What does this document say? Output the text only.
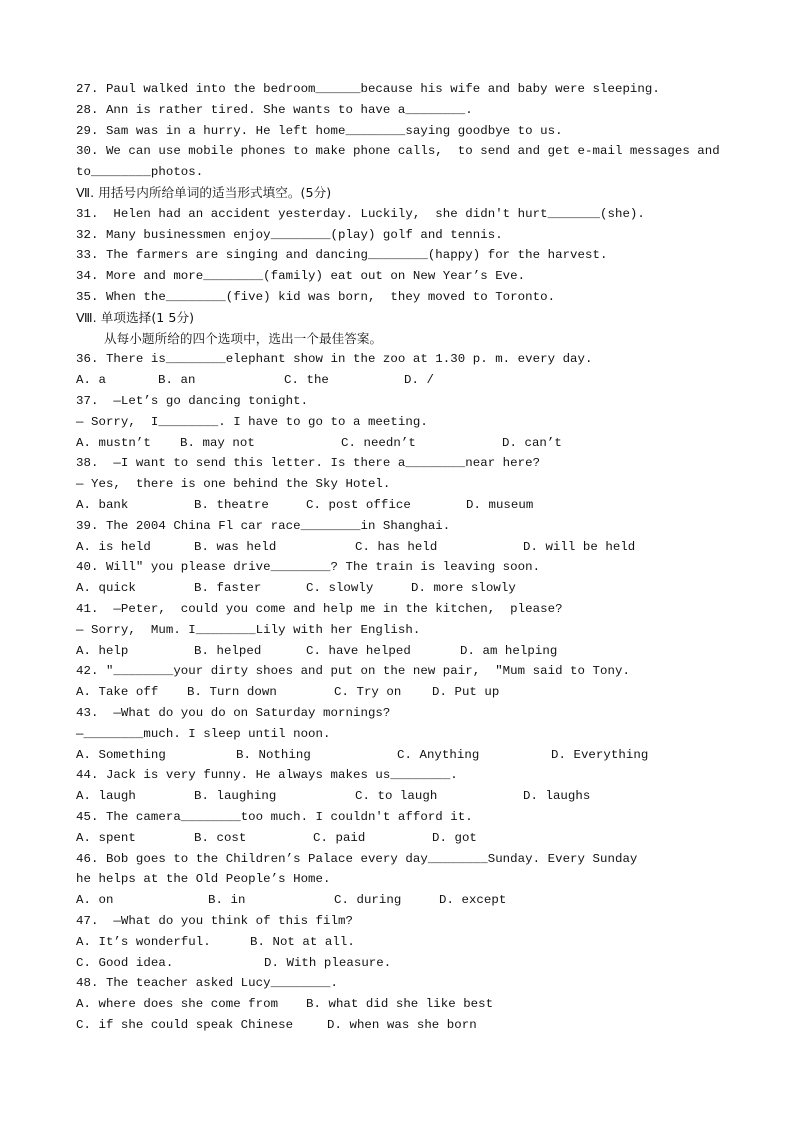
27. Paul walked into the bedroom______because his wife and baby were sleeping.
28. Ann is rather tired. She wants to have a________.
29. Sam was in a hurry. He left home________saying goodbye to us.
30. We can use mobile phones to make phone calls,  to send and get e-mail messages and
to________photos.
Ⅶ. 用括号内所给单词的适当形式填空。(5分)
31.  Helen had an accident yesterday. Luckily,  she didn't hurt_______(she).
32. Many businessmen enjoy________(play) golf and tennis.
33. The farmers are singing and dancing________(happy) for the harvest.
34. More and more________(family) eat out on New Year’s Eve.
35. When the________(five) kid was born,  they moved to Toronto.
Ⅷ. 单项选择(1 5分)
从每小题所给的四个选项中，选出一个最佳答案。
36. There is________elephant show in the zoo at 1.30 p. m. every day.
A. a	B. an	C. the	D. /
37.  —Let’s go dancing tonight.
— Sorry,  I________. I have to go to a meeting.
A. mustn’t B. may not	C. needn’t	D. can’t
38.  —I want to send this letter. Is there a________near here?
— Yes,  there is one behind the Sky Hotel.
A. bank	B. theatre	C. post office	D. museum
39. The 2004 China Fl car race________in Shanghai.
A. is held	B. was held	C. has held	D. will be held
40. Will″ you please drive________? The train is leaving soon.
A. quick	B. faster	C. slowly	D. more slowly
41.  —Peter,  could you come and help me in the kitchen,  please?
— Sorry,  Mum. I________Lily with her English.
A. help	B. helped	C. have helped	D. am helping
42. ″________your dirty shoes and put on the new pair,  ″Mum said to Tony.
A. Take off B. Turn down	C. Try on D. Put up
43.  —What do you do on Saturday mornings?
—________much. I sleep until noon.
A. Something	B. Nothing	C. Anything	D. Everything
44. Jack is very funny. He always makes us________.
A. laugh	B. laughing	C. to laugh	D. laughs
45. The camera________too much. I couldn't afford it.
A. spent	B. cost	C. paid	D. got
46. Bob goes to the Children’s Palace every day________Sunday. Every Sunday
he helps at the Old People’s Home.
A. on	B. in	C. during	D. except
47.  —What do you think of this film?
A. It’s wonderful.	B. Not at all.
C. Good idea.	D. With pleasure.
48. The teacher asked Lucy________.
A. where does she come from B. what did she like best
C. if she could speak Chinese	D. when was she born
